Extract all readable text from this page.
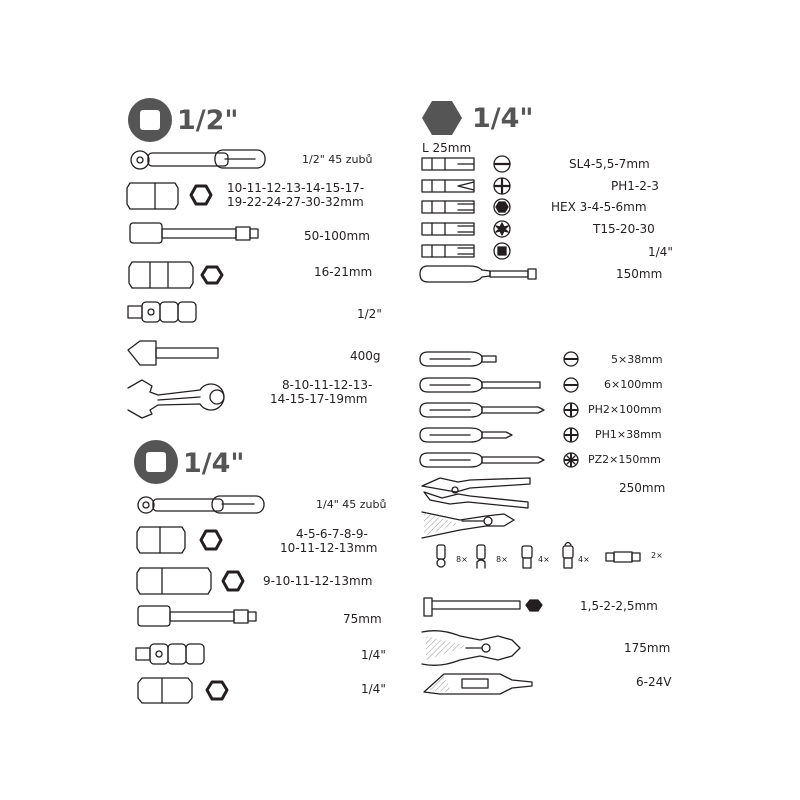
1/2"
1/4"
1/4"
1/2" 45 zubů
10-11-12-13-14-15-17-
19-22-24-27-30-32mm
50-100mm
16-21mm
1/2"
400g
8-10-11-12-13-
14-15-17-19mm
1/4" 45 zubů
4-5-6-7-8-9-
10-11-12-13mm
9-10-11-12-13mm
75mm
1/4"
1/4"
L 25mm
SL4-5,5-7mm
PH1-2-3
HEX 3-4-5-6mm
T15-20-30
1/4"
150mm
5×38mm
6×100mm
PH2×100mm
PH1×38mm
PZ2×150mm
250mm
8×	8×	4×	4×	2×
1,5-2-2,5mm
175mm
6-24V
